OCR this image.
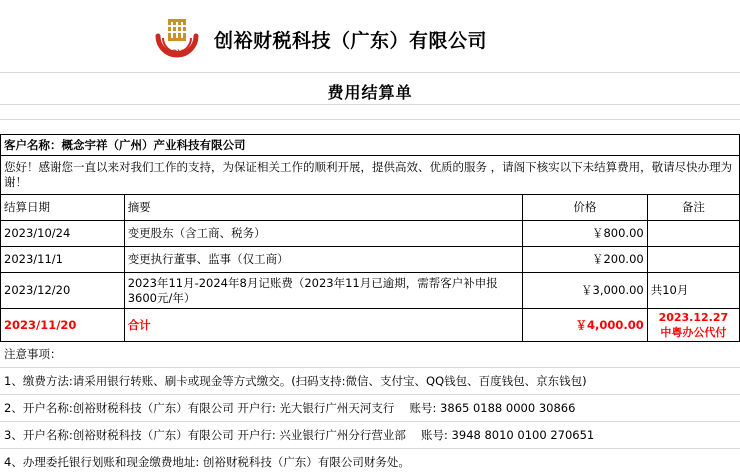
CY
创裕财税科技（广东）有限公司
费用结算单
客户名称：概念宇祥（广州）产业科技有限公司			
您好！感谢您一直以来对我们工作的支持，为保证相关工作的顺利开展，提供高效、优质的服务 ，请阁下核实以下未结算费用，敬请尽快办理为谢！			
结算日期	摘要	价格	备注
2023/10/24	变更股东（含工商、税务）	￥800.00	
2023/11/1	变更执行董事、监事（仅工商）	￥200.00	
2023/12/20	2023年11月-2024年8月记账费（2023年11月已逾期，需帮客户补申报3600元/年）	￥3,000.00	共10月
2023/11/20	合计	￥4,000.00	2023.12.27
中粤办公代付
注意事项：
1、缴费方法:请采用银行转账、刷卡或现金等方式缴交。(扫码支持:微信、支付宝、QQ钱包、百度钱包、京东钱包)
2、开户名称:创裕财税科技（广东）有限公司 开户行: 光大银行广州天河支行　 账号: 3865 0188 0000 30866
3、开户名称:创裕财税科技（广东）有限公司 开户行: 兴业银行广州分行营业部　 账号: 3948 8010 0100 270651
4、办理委托银行划账和现金缴费地址: 创裕财税科技（广东）有限公司财务处。
